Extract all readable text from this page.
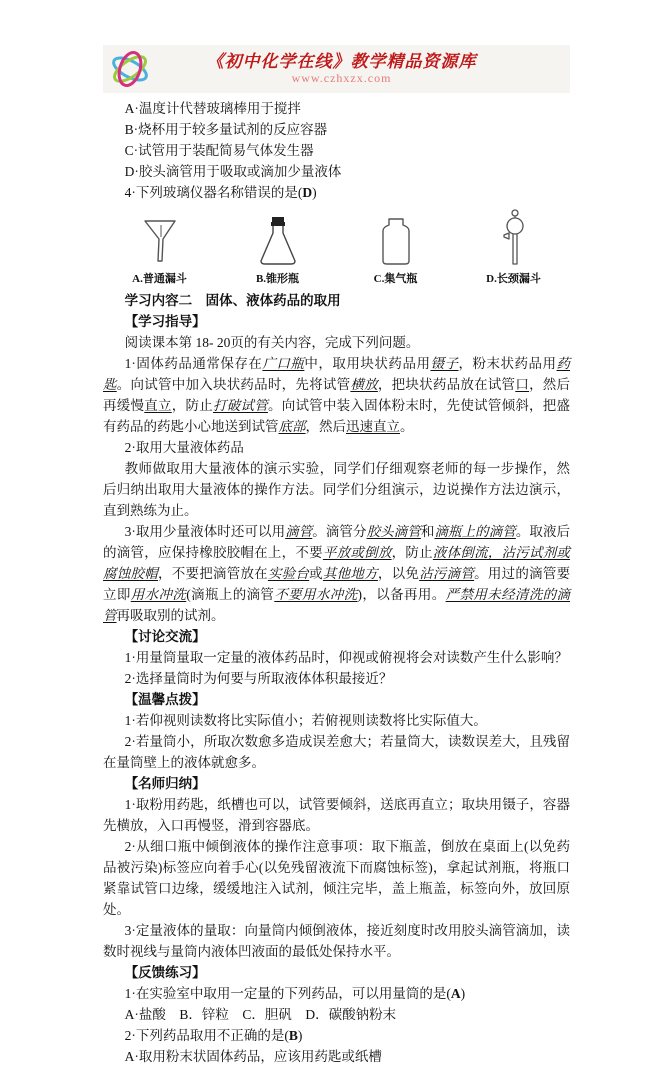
《初中化学在线》教学精品资源库
www.czhxzx.com

A·温度计代替玻璃棒用于搅拌

B·烧杯用于较多量试剂的反应容器

C·试管用于装配简易气体发生器

D·胶头滴管用于吸取或滴加少量液体

4·下列玻璃仪器名称错误的是(D)

A.普通漏斗	B.锥形瓶	C.集气瓶	D.长颈漏斗

学习内容二　固体、液体药品的取用

【学习指导】

阅读课本第 18- 20页的有关内容，完成下列问题。

1·固体药品通常保存在广口瓶中，取用块状药品用镊子，粉末状药品用药匙。向试管中加入块状药品时，先将试管横放，把块状药品放在试管口，然后再缓慢直立，防止打破试管。向试管中装入固体粉末时，先使试管倾斜，把盛有药品的药匙小心地送到试管底部，然后迅速直立。

2·取用大量液体药品

教师做取用大量液体的演示实验，同学们仔细观察老师的每一步操作，然后归纳出取用大量液体的操作方法。同学们分组演示，边说操作方法边演示，直到熟练为止。

3·取用少量液体时还可以用滴管。滴管分胶头滴管和滴瓶上的滴管。取液后的滴管，应保持橡胶胶帽在上，不要平放或倒放，防止液体倒流，沾污试剂或腐蚀胶帽，不要把滴管放在实验台或其他地方，以免沾污滴管。用过的滴管要立即用水冲洗(滴瓶上的滴管不要用水冲洗)，以备再用。严禁用未经清洗的滴管再吸取别的试剂。

【讨论交流】

1·用量筒量取一定量的液体药品时，仰视或俯视将会对读数产生什么影响？

2·选择量筒时为何要与所取液体体积最接近？

【温馨点拨】

1·若仰视则读数将比实际值小；若俯视则读数将比实际值大。

2·若量筒小，所取次数愈多造成误差愈大；若量筒大，读数误差大，且残留在量筒壁上的液体就愈多。

【名师归纳】

1·取粉用药匙，纸槽也可以，试管要倾斜，送底再直立；取块用镊子，容器先横放，入口再慢竖，滑到容器底。

2·从细口瓶中倾倒液体的操作注意事项：取下瓶盖，倒放在桌面上(以免药品被污染)标签应向着手心(以免残留液流下而腐蚀标签)，拿起试剂瓶，将瓶口紧靠试管口边缘，缓缓地注入试剂，倾注完毕，盖上瓶盖，标签向外，放回原处。

3·定量液体的量取：向量筒内倾倒液体，接近刻度时改用胶头滴管滴加，读数时视线与量筒内液体凹液面的最低处保持水平。

【反馈练习】

1·在实验室中取用一定量的下列药品，可以用量筒的是(A)

A·盐酸　B．锌粒　C．胆矾　D．碳酸钠粉末

2·下列药品取用不正确的是(B)

A·取用粉末状固体药品，应该用药匙或纸槽
